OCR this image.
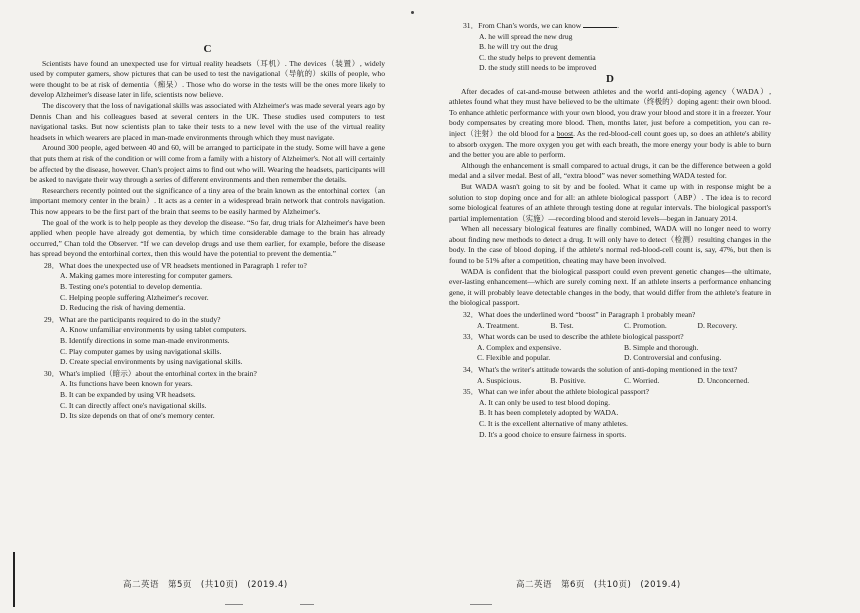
C

Scientists have found an unexpected use for virtual reality headsets（耳机）. The devices（装置）, widely used by computer gamers, show pictures that can be used to test the navigational（导航的）skills of people, who were thought to be at risk of dementia（痴呆）. Those who do worse in the tests will be the ones more likely to develop Alzheimer's disease later in life, scientists now believe.

The discovery that the loss of navigational skills was associated with Alzheimer's was made several years ago by Dennis Chan and his colleagues based at several centers in the UK. These studies used computers to test navigational tasks. But now scientists plan to take their tests to a new level with the use of the virtual reality headsets in which wearers are placed in man-made environments through which they must navigate.

Around 300 people, aged between 40 and 60, will be arranged to participate in the study. Some will have a gene that puts them at risk of the condition or will come from a family with a history of Alzheimer's. Not all will certainly be affected by the disease, however. Chan's project aims to find out who will. Wearing the headsets, participants will be asked to navigate their way through a series of different environments and then remember the details.

Researchers recently pointed out the significance of a tiny area of the brain known as the entorhinal cortex（an important memory center in the brain）. It acts as a center in a widespread brain network that controls navigation. This now appears to be the first part of the brain that seems to be easily harmed by Alzheimer's.

The goal of the work is to help people as they develop the disease. “So far, drug trials for Alzheimer's have been applied when people have already got dementia, by which time considerable damage to the brain has already occurred,” Chan told the Observer. “If we can develop drugs and use them earlier, for example, before the disease has spread beyond the entorhinal cortex, then this would have the potential to prevent the dementia.”

28．What does the unexpected use of VR headsets mentioned in Paragraph 1 refer to?
A. Making games more interesting for computer gamers.
B. Testing one's potential to develop dementia.
C. Helping people suffering Alzheimer's recover.
D. Reducing the risk of having dementia.
29．What are the participants required to do in the study?
A. Know unfamiliar environments by using tablet computers.
B. Identify directions in some man-made environments.
C. Play computer games by using navigational skills.
D. Create special environments by using navigational skills.
30．What's implied（暗示）about the entorhinal cortex in the brain?
A. Its functions have been known for years.
B. It can be expanded by using VR headsets.
C. It can directly affect one's navigational skills.
D. Its size depends on that of one's memory center.
31．From Chan's words, we can know	.
A. he will spread the new drug
B. he will try out the drug
C. the study helps to prevent dementia
D. the study still needs to be improved
D

After decades of cat-and-mouse between athletes and the world anti-doping agency（WADA）, athletes found what they must have believed to be the ultimate（终极的）doping agent: their own blood. To enhance athletic performance with your own blood, you draw your blood and store it in a freezer. Your body compensates by creating more blood. Then, months later, just before a competition, you can re-inject（注射）the old blood for a boost. As the red-blood-cell count goes up, so does an athlete's ability to absorb oxygen. The more oxygen you get with each breath, the more energy your body is able to burn and the better you are able to perform.

Although the enhancement is small compared to actual drugs, it can be the difference between a gold medal and a silver medal. Best of all, “extra blood” was never something WADA tested for.

But WADA wasn't going to sit by and be fooled. What it came up with in response might be a solution to stop doping once and for all: an athlete biological passport（ABP）. The idea is to record some biological features of an athlete through testing done at regular intervals. The biological passport's partial implementation（实施）—recording blood and steroid levels—began in January 2014.

When all necessary biological features are finally combined, WADA will no longer need to worry about finding new methods to detect a drug. It will only have to detect（检测）resulting changes in the body. In the case of blood doping, if the athlete's normal red-blood-cell count is, say, 47%, but then is found to be 51% after a competition, cheating may have been involved.

WADA is confident that the biological passport could even prevent genetic changes—the ultimate, ever-lasting enhancement—which are surely coming next. If an athlete inserts a performance enhancing gene, it will probably leave detectable changes in the body, that would differ from the athlete's feature in the biological passport.

32．What does the underlined word “boost” in Paragraph 1 probably mean?
A. Treatment.	B. Test.	C. Promotion.	D. Recovery.
33．What words can be used to describe the athlete biological passport?
A. Complex and expensive.	B. Simple and thorough.
C. Flexible and popular.	D. Controversial and confusing.
34．What's the writer's attitude towards the solution of anti-doping mentioned in the text?
A. Suspicious.	B. Positive.	C. Worried.	D. Unconcerned.
35．What can we infer about the athlete biological passport?
A. It can only be used to test blood doping.
B. It has been completely adopted by WADA.
C. It is the excellent alternative of many athletes.
D. It's a good choice to ensure fairness in sports.
高二英语　第5页　(共10页)　(2019.4)	高二英语　第6页　(共10页)　(2019.4)
